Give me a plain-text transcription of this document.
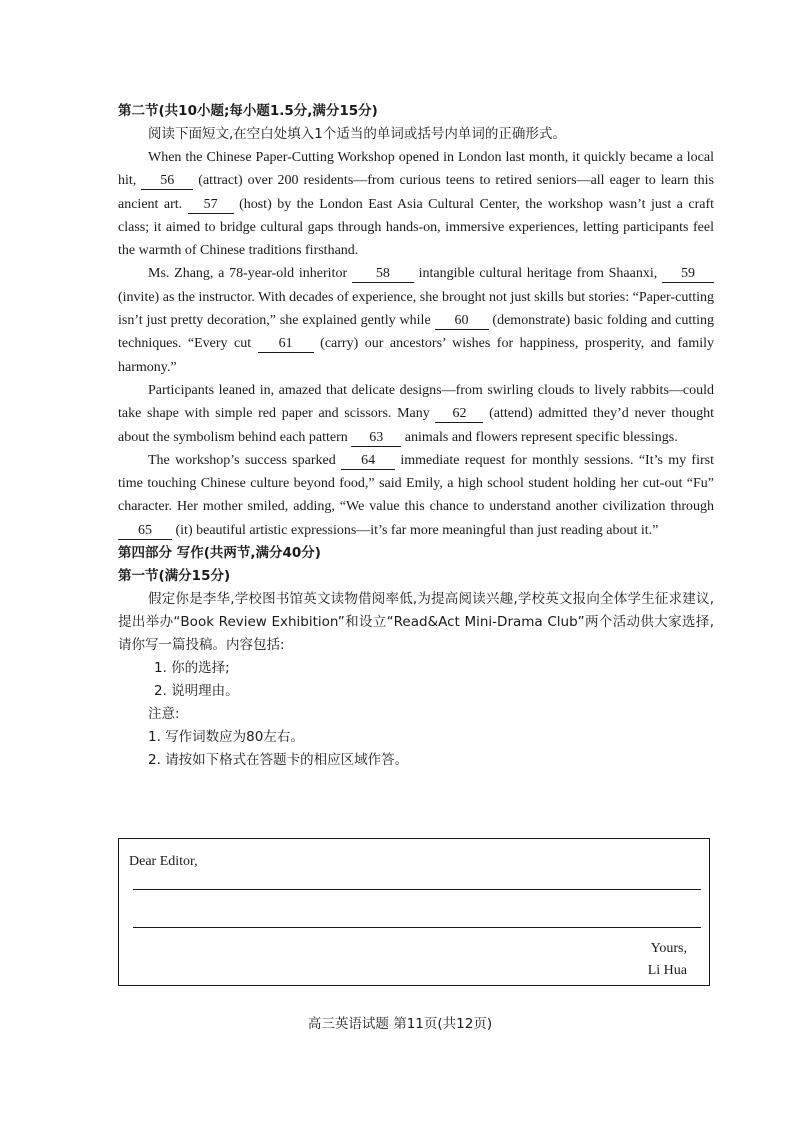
第二节(共10小题;每小题1.5分,满分15分)
阅读下面短文,在空白处填入1个适当的单词或括号内单词的正确形式。

When the Chinese Paper-Cutting Workshop opened in London last month, it quickly became a local hit, 56 (attract) over 200 residents—from curious teens to retired seniors—all eager to learn this ancient art. 57 (host) by the London East Asia Cultural Center, the workshop wasn’t just a craft class; it aimed to bridge cultural gaps through hands-on, immersive experiences, letting participants feel the warmth of Chinese traditions firsthand.

Ms. Zhang, a 78-year-old inheritor 58 intangible cultural heritage from Shaanxi, 59 (invite) as the instructor. With decades of experience, she brought not just skills but stories: “Paper-cutting isn’t just pretty decoration,” she explained gently while 60 (demonstrate) basic folding and cutting techniques. “Every cut 61 (carry) our ancestors’ wishes for happiness, prosperity, and family harmony.”

Participants leaned in, amazed that delicate designs—from swirling clouds to lively rabbits—could take shape with simple red paper and scissors. Many 62 (attend) admitted they’d never thought about the symbolism behind each pattern 63 animals and flowers represent specific blessings.

The workshop’s success sparked 64 immediate request for monthly sessions. “It’s my first time touching Chinese culture beyond food,” said Emily, a high school student holding her cut-out “Fu” character. Her mother smiled, adding, “We value this chance to understand another civilization through 65 (it) beautiful artistic expressions—it’s far more meaningful than just reading about it.”

第四部分 写作(共两节,满分40分)
第一节(满分15分)
假定你是李华,学校图书馆英文读物借阅率低,为提高阅读兴趣,学校英文报向全体学生征求建议,提出举办“Book Review Exhibition”和设立“Read&Act Mini-Drama Club”两个活动供大家选择,请你写一篇投稿。内容包括:
1. 你的选择;
2. 说明理由。
注意:
1. 写作词数应为80左右。
2. 请按如下格式在答题卡的相应区域作答。
Dear Editor,
Yours,
Li Hua
高三英语试题 第11页(共12页)
